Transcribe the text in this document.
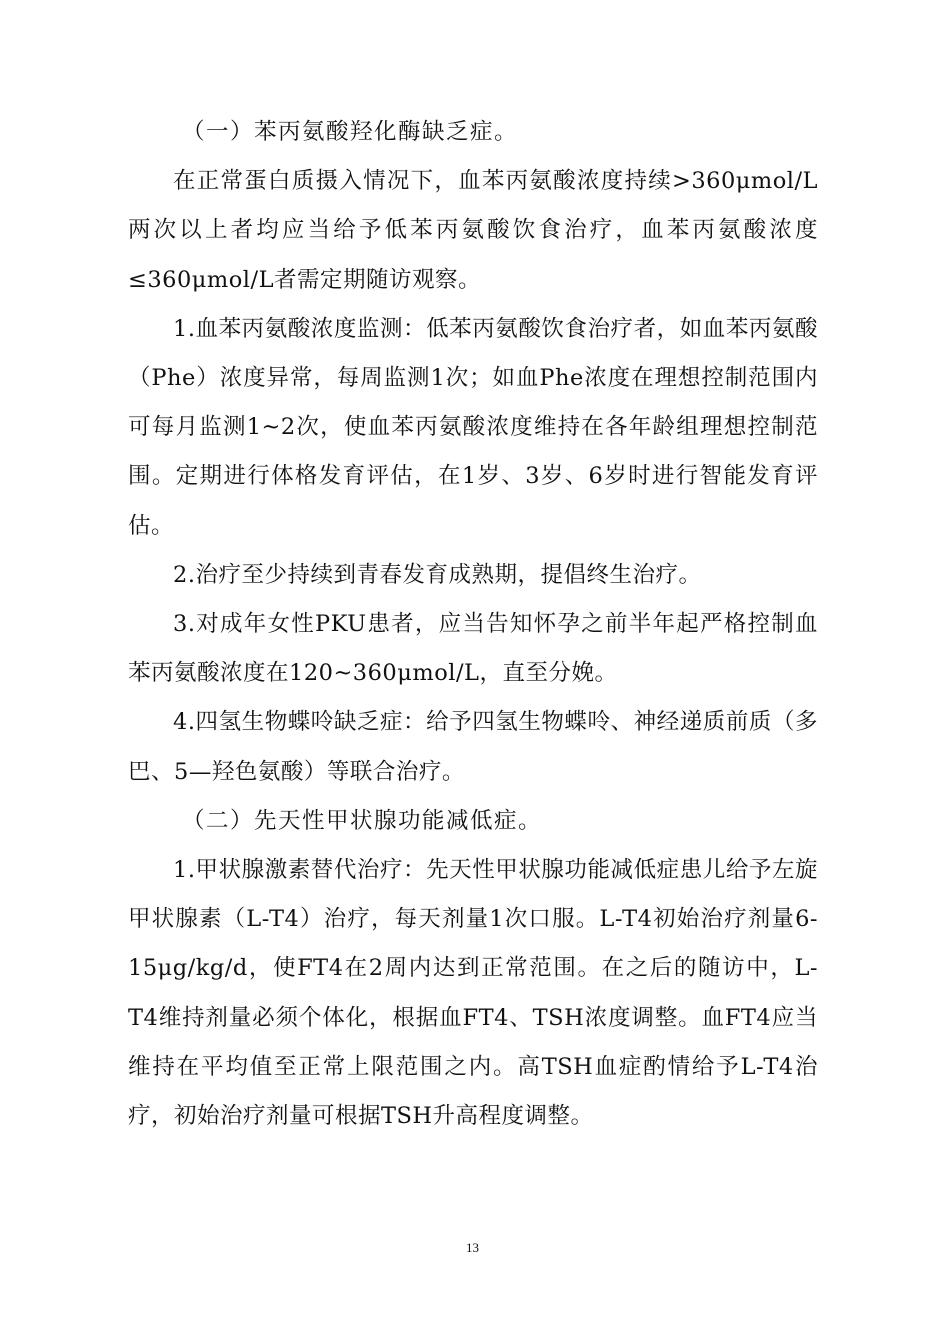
（一）苯丙氨酸羟化酶缺乏症。

在正常蛋白质摄入情况下，血苯丙氨酸浓度持续>360μmol/L两次以上者均应当给予低苯丙氨酸饮食治疗，血苯丙氨酸浓度≤360μmol/L者需定期随访观察。

1.血苯丙氨酸浓度监测：低苯丙氨酸饮食治疗者，如血苯丙氨酸（Phe）浓度异常，每周监测1次；如血Phe浓度在理想控制范围内可每月监测1~2次，使血苯丙氨酸浓度维持在各年龄组理想控制范围。定期进行体格发育评估，在1岁、3岁、6岁时进行智能发育评估。

2.治疗至少持续到青春发育成熟期，提倡终生治疗。

3.对成年女性PKU患者，应当告知怀孕之前半年起严格控制血苯丙氨酸浓度在120~360μmol/L，直至分娩。

4.四氢生物蝶呤缺乏症：给予四氢生物蝶呤、神经递质前质（多巴、5—羟色氨酸）等联合治疗。

（二）先天性甲状腺功能减低症。

1.甲状腺激素替代治疗：先天性甲状腺功能减低症患儿给予左旋甲状腺素（L-T4）治疗，每天剂量1次口服。L-T4初始治疗剂量6-15μg/kg/d，使FT4在2周内达到正常范围。在之后的随访中，L-T4维持剂量必须个体化，根据血FT4、TSH浓度调整。血FT4应当维持在平均值至正常上限范围之内。高TSH血症酌情给予L-T4治疗，初始治疗剂量可根据TSH升高程度调整。

13
